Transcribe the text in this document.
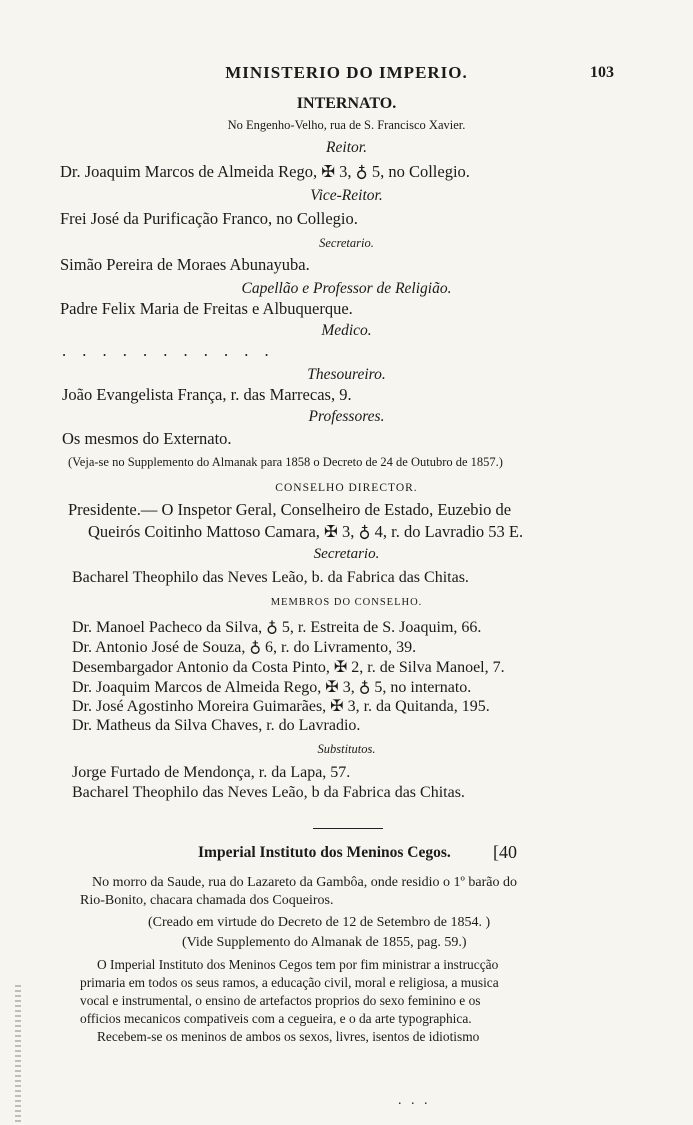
MINISTERIO DO IMPERIO.	103
INTERNATO.
No Engenho-Velho, rua de S. Francisco Xavier.
Reitor.
Dr. Joaquim Marcos de Almeida Rego, ✠ 3, ♁ 5, no Collegio.
Vice-Reitor.
Frei José da Purificação Franco, no Collegio.
Secretario.
Simão Pereira de Moraes Abunayuba.
Capellão e Professor de Religião.
Padre Felix Maria de Freitas e Albuquerque.
Medico.
. . . . . . . . . . .
Thesoureiro.
João Evangelista França, r. das Marrecas, 9.
Professores.
Os mesmos do Externato.
(Veja-se no Supplemento do Almanak para 1858 o Decreto de 24 de Outubro de 1857.)
CONSELHO DIRECTOR.
Presidente.— O Inspetor Geral, Conselheiro de Estado, Euzebio de
Queirós Coitinho Mattoso Camara, ✠ 3, ♁ 4, r. do Lavradio 53 E.
Secretario.
Bacharel Theophilo das Neves Leão, b. da Fabrica das Chitas.
MEMBROS DO CONSELHO.
Dr. Manoel Pacheco da Silva, ♁ 5, r. Estreita de S. Joaquim, 66.
Dr. Antonio José de Souza, ♁ 6, r. do Livramento, 39.
Desembargador Antonio da Costa Pinto, ✠ 2, r. de Silva Manoel, 7.
Dr. Joaquim Marcos de Almeida Rego, ✠ 3, ♁ 5, no internato.
Dr. José Agostinho Moreira Guimarães, ✠ 3, r. da Quitanda, 195.
Dr. Matheus da Silva Chaves, r. do Lavradio.
Substitutos.
Jorge Furtado de Mendonça, r. da Lapa, 57.
Bacharel Theophilo das Neves Leão, b da Fabrica das Chitas.
Imperial Instituto dos Meninos Cegos. [40
No morro da Saude, rua do Lazareto da Gambôa, onde residio o 1º barão do
Rio-Bonito, chacara chamada dos Coqueiros.
(Creado em virtude do Decreto de 12 de Setembro de 1854. )
(Vide Supplemento do Almanak de 1855, pag. 59.)
O Imperial Instituto dos Meninos Cegos tem por fim ministrar a instrucção
primaria em todos os seus ramos, a educação civil, moral e religiosa, a musica
vocal e instrumental, o ensino de artefactos proprios do sexo feminino e os
officios mecanicos compativeis com a cegueira, e o da arte typographica.
Recebem-se os meninos de ambos os sexos, livres, isentos de idiotismo
. . .
